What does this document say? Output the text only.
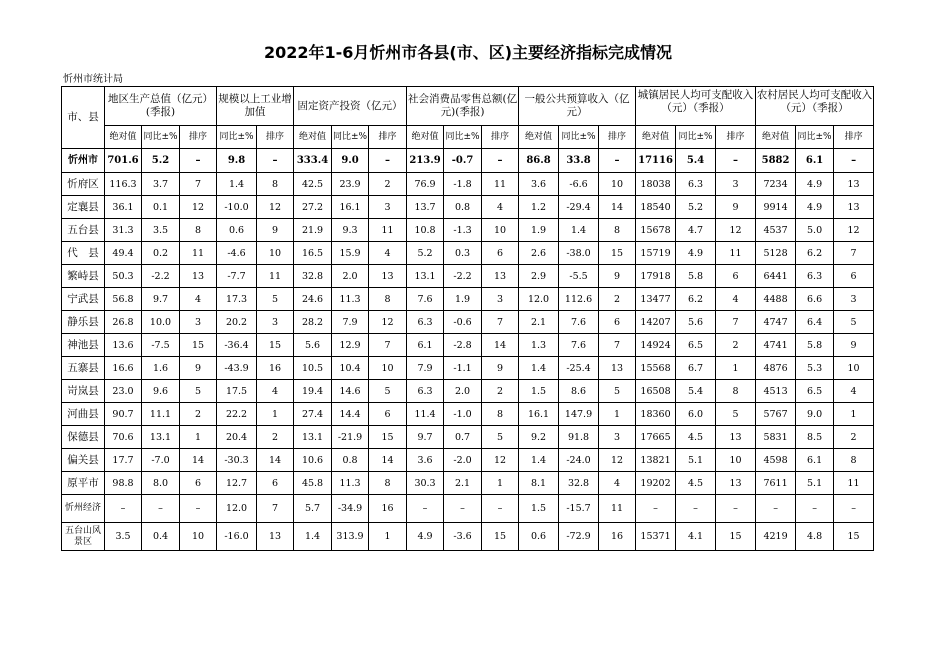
2022年1-6月忻州市各县(市、区)主要经济指标完成情况
忻州市统计局
市、县	地区生产总值（亿元）(季报)			规模以上工业增加值		固定资产投资（亿元）			社会消费品零售总额(亿元)(季报)			一般公共预算收入（亿元）			城镇居民人均可支配收入（元）（季报）			农村居民人均可支配收入（元）（季报）		

	绝对值	同比±%	排序	同比±%	排序	绝对值	同比±%	排序	绝对值	同比±%	排序	绝对值	同比±%	排序	绝对值	同比±%	排序	绝对值	同比±%	排序
忻州市	701.6	5.2	–	9.8	–	333.4	9.0	–	213.9	-0.7	–	86.8	33.8	–	17116	5.4	–	5882	6.1	–
忻府区	116.3	3.7	7	1.4	8	42.5	23.9	2	76.9	-1.8	11	3.6	-6.6	10	18038	6.3	3	7234	4.9	13
定襄县	36.1	0.1	12	-10.0	12	27.2	16.1	3	13.7	0.8	4	1.2	-29.4	14	18540	5.2	9	9914	4.9	13
五台县	31.3	3.5	8	0.6	9	21.9	9.3	11	10.8	-1.3	10	1.9	1.4	8	15678	4.7	12	4537	5.0	12
代　县	49.4	0.2	11	-4.6	10	16.5	15.9	4	5.2	0.3	6	2.6	-38.0	15	15719	4.9	11	5128	6.2	7
繁峙县	50.3	-2.2	13	-7.7	11	32.8	2.0	13	13.1	-2.2	13	2.9	-5.5	9	17918	5.8	6	6441	6.3	6
宁武县	56.8	9.7	4	17.3	5	24.6	11.3	8	7.6	1.9	3	12.0	112.6	2	13477	6.2	4	4488	6.6	3
静乐县	26.8	10.0	3	20.2	3	28.2	7.9	12	6.3	-0.6	7	2.1	7.6	6	14207	5.6	7	4747	6.4	5
神池县	13.6	-7.5	15	-36.4	15	5.6	12.9	7	6.1	-2.8	14	1.3	7.6	7	14924	6.5	2	4741	5.8	9
五寨县	16.6	1.6	9	-43.9	16	10.5	10.4	10	7.9	-1.1	9	1.4	-25.4	13	15568	6.7	1	4876	5.3	10
岢岚县	23.0	9.6	5	17.5	4	19.4	14.6	5	6.3	2.0	2	1.5	8.6	5	16508	5.4	8	4513	6.5	4
河曲县	90.7	11.1	2	22.2	1	27.4	14.4	6	11.4	-1.0	8	16.1	147.9	1	18360	6.0	5	5767	9.0	1
保德县	70.6	13.1	1	20.4	2	13.1	-21.9	15	9.7	0.7	5	9.2	91.8	3	17665	4.5	13	5831	8.5	2
偏关县	17.7	-7.0	14	-30.3	14	10.6	0.8	14	3.6	-2.0	12	1.4	-24.0	12	13821	5.1	10	4598	6.1	8
原平市	98.8	8.0	6	12.7	6	45.8	11.3	8	30.3	2.1	1	8.1	32.8	4	19202	4.5	13	7611	5.1	11
忻州经济	–	–	–	12.0	7	5.7	-34.9	16	–	–	–	1.5	-15.7	11	–	–	–	–	–	–
五台山风景区	3.5	0.4	10	-16.0	13	1.4	313.9	1	4.9	-3.6	15	0.6	-72.9	16	15371	4.1	15	4219	4.8	15
